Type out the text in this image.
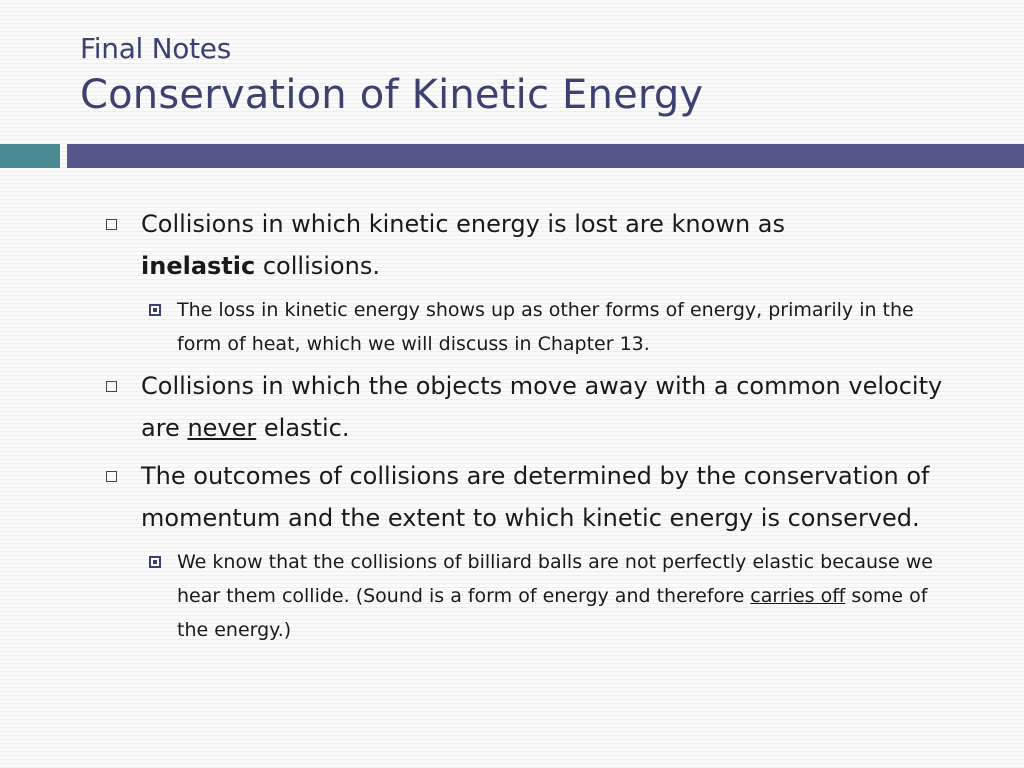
Final Notes
Conservation of Kinetic Energy
Collisions in which kinetic energy is lost are known as
inelastic collisions.
The loss in kinetic energy shows up as other forms of energy, primarily in the form of heat, which we will discuss in Chapter 13.
Collisions in which the objects move away with a common velocity are never elastic.
The outcomes of collisions are determined by the conservation of momentum and the extent to which kinetic energy is conserved.
We know that the collisions of billiard balls are not perfectly elastic because we hear them collide. (Sound is a form of energy and therefore carries off some of the energy.)
